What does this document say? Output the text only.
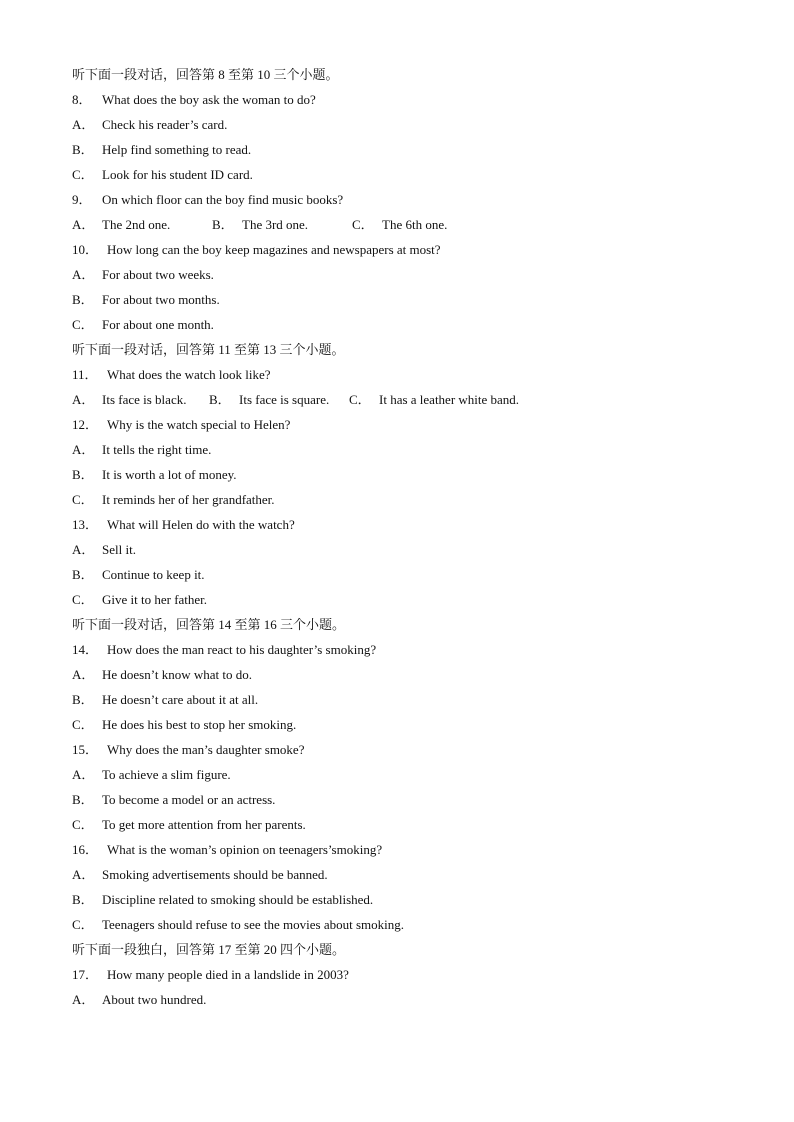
听下面一段对话，回答第 8 至第 10 三个小题。
8． What does the boy ask the woman to do?
A． Check his reader’s card.
B． Help find something to read.
C． Look for his student ID card.
9． On which floor can the boy find music books?
A． The 2nd one.	B． The 3rd one.	C． The 6th one.
10． How long can the boy keep magazines and newspapers at most?
A． For about two weeks.
B． For about two months.
C． For about one month.
听下面一段对话，回答第 11 至第 13 三个小题。
11． What does the watch look like?
A． Its face is black. B． Its face is square. C． It has a leather white band.
12． Why is the watch special to Helen?
A． It tells the right time.
B． It is worth a lot of money.
C． It reminds her of her grandfather.
13． What will Helen do with the watch?
A． Sell it.
B． Continue to keep it.
C． Give it to her father.
听下面一段对话，回答第 14 至第 16 三个小题。
14． How does the man react to his daughter’s smoking?
A． He doesn’t know what to do.
B． He doesn’t care about it at all.
C． He does his best to stop her smoking.
15． Why does the man’s daughter smoke?
A． To achieve a slim figure.
B． To become a model or an actress.
C． To get more attention from her parents.
16． What is the woman’s opinion on teenagers’smoking?
A． Smoking advertisements should be banned.
B． Discipline related to smoking should be established.
C． Teenagers should refuse to see the movies about smoking.
听下面一段独白，回答第 17 至第 20 四个小题。
17． How many people died in a landslide in 2003?
A． About two hundred.
